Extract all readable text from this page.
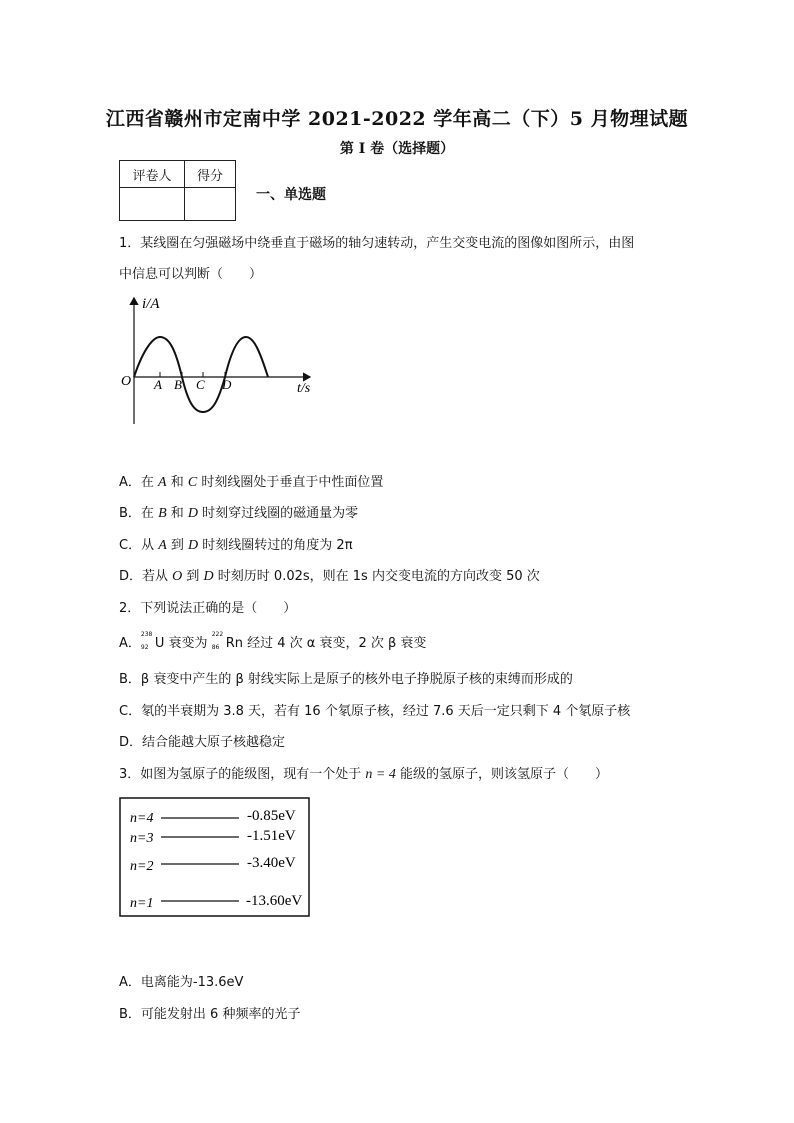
江西省赣州市定南中学 2021-2022 学年高二（下）5 月物理试题
第 I 卷（选择题）
评卷人	得分

一、单选题
1．某线圈在匀强磁场中绕垂直于磁场的轴匀速转动，产生交变电流的图像如图所示，由图
中信息可以判断（　　）
i/A
O A B C D	t/s
A．在 A 和 C 时刻线圈处于垂直于中性面位置
B．在 B 和 D 时刻穿过线圈的磁通量为零
C．从 A 到 D 时刻线圈转过的角度为 2π
D．若从 O 到 D 时刻历时 0.02s，则在 1s 内交变电流的方向改变 50 次
2．下列说法正确的是（　　）
A．
238
92 U 衰变为
222
86 Rn 经过 4 次 α 衰变，2 次 β 衰变
B．β 衰变中产生的 β 射线实际上是原子的核外电子挣脱原子核的束缚而形成的
C．氡的半衰期为 3.8 天，若有 16 个氡原子核，经过 7.6 天后一定只剩下 4 个氡原子核
D．结合能越大原子核越稳定
3．如图为氢原子的能级图，现有一个处于 n = 4 能级的氢原子，则该氢原子（　　）
n=4	-0.85eV
n=3	-1.51eV
n=2	-3.40eV
n=1	-13.60eV
A．电离能为-13.6eV
B．可能发射出 6 种频率的光子
